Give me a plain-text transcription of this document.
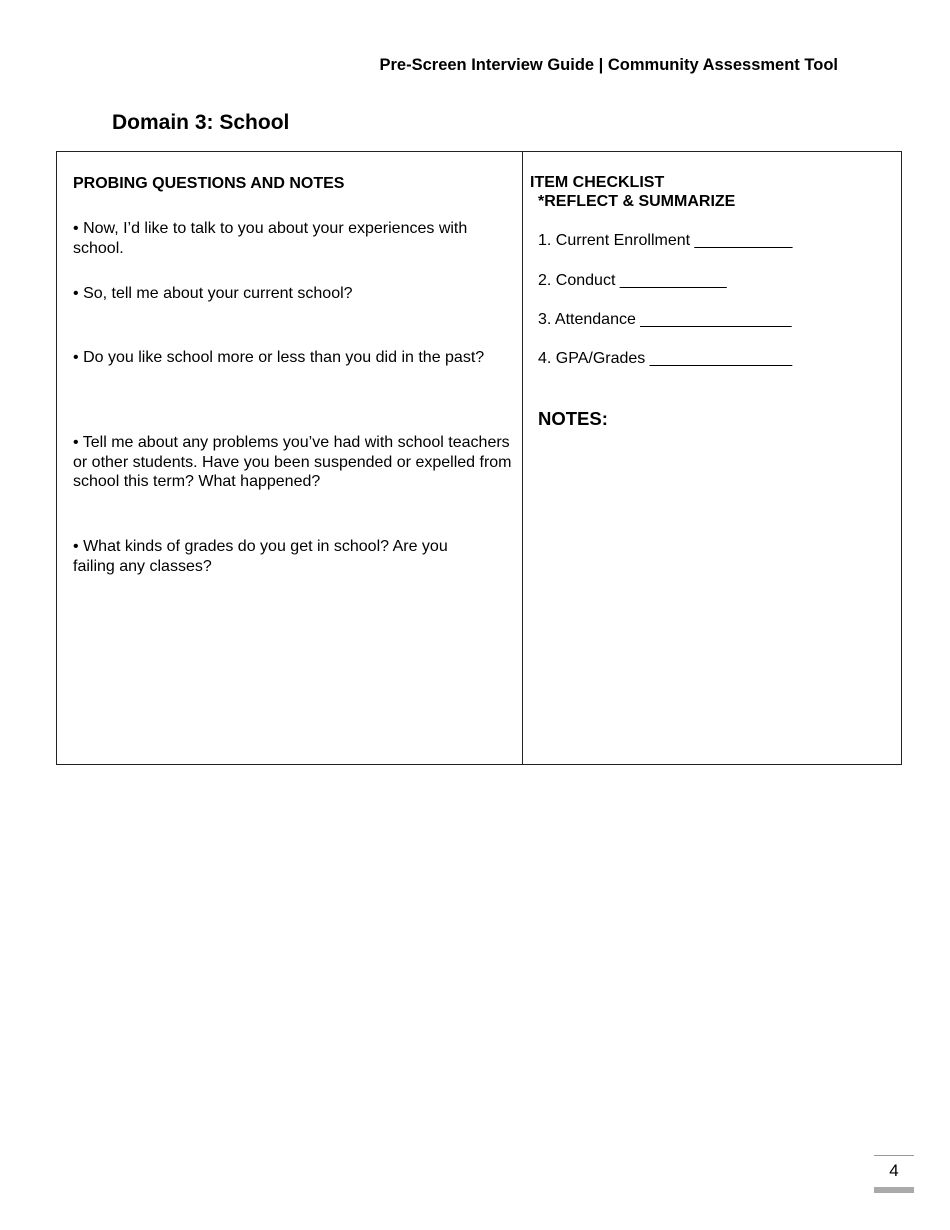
Pre-Screen Interview Guide | Community Assessment Tool
Domain 3: School
PROBING QUESTIONS AND NOTES
• Now, I’d like to talk to you about your experiences with school.
• So, tell me about your current school?
• Do you like school more or less than you did in the past?
• Tell me about any problems you’ve had with school teachers or other students. Have you been suspended or expelled from school this term? What happened?
• What kinds of grades do you get in school? Are you failing any classes?
ITEM CHECKLIST
*REFLECT & SUMMARIZE
1. Current Enrollment ___________
2. Conduct ____________
3. Attendance _________________
4. GPA/Grades ________________
NOTES:
4
